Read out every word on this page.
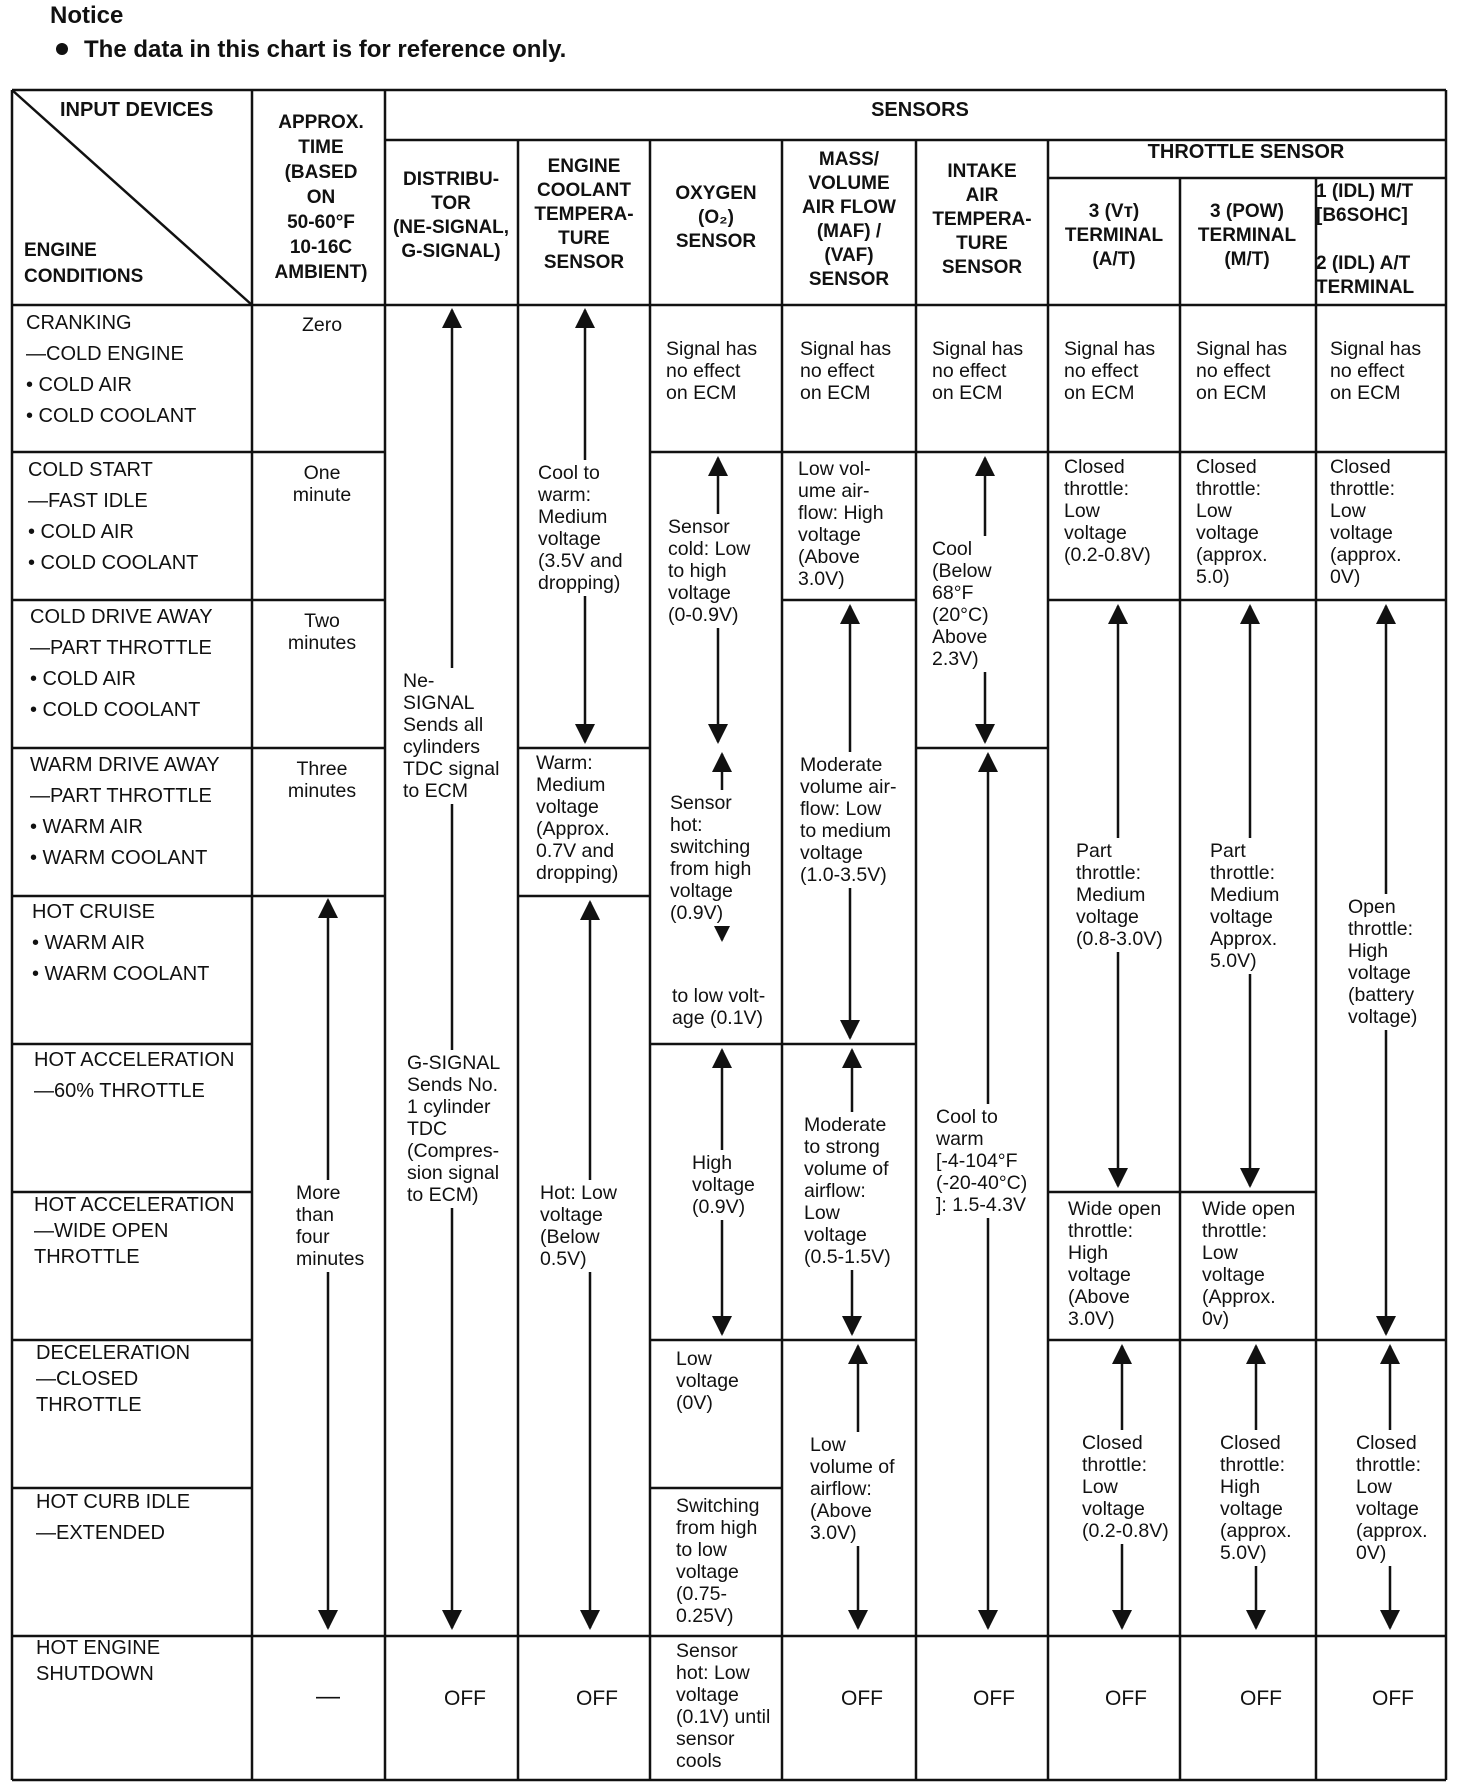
Notice
The data in this chart is for reference only.
INPUT DEVICES
ENGINE
CONDITIONS
APPROX.
TIME
(BASED
ON
50-60°F
10-16C
AMBIENT)
SENSORS
DISTRIBU-
TOR
(NE-SIGNAL,
G-SIGNAL)
ENGINE
COOLANT
TEMPERA-
TURE
SENSOR
OXYGEN
(O₂)
SENSOR
MASS/
VOLUME
AIR FLOW
(MAF) /
(VAF)
SENSOR
INTAKE
AIR
TEMPERA-
TURE
SENSOR
THROTTLE SENSOR
3 (Vт)
TERMINAL
(A/T)
3 (POW)
TERMINAL
(M/T)
1 (IDL) M/T
[B6SOHC]

2 (IDL) A/T
TERMINAL
CRANKING
—COLD ENGINE
• COLD AIR
• COLD COOLANT
COLD START
—FAST IDLE
• COLD AIR
• COLD COOLANT
COLD DRIVE AWAY
—PART THROTTLE
• COLD AIR
• COLD COOLANT
WARM DRIVE AWAY
—PART THROTTLE
• WARM AIR
• WARM COOLANT
HOT CRUISE
• WARM AIR
• WARM COOLANT
HOT ACCELERATION
—60% THROTTLE
HOT ACCELERATION
—WIDE OPEN
THROTTLE
DECELERATION
—CLOSED
THROTTLE
HOT CURB IDLE
—EXTENDED
HOT ENGINE
SHUTDOWN
Zero
One
minute
Two
minutes
Three
minutes
More
than
four
minutes
—
Ne-
SIGNAL
Sends all
cylinders
TDC signal
to ECM
G-SIGNAL
Sends No.
1 cylinder
TDC
(Compres-
sion signal
to ECM)
OFF
Cool to
warm:
Medium
voltage
(3.5V and
dropping)
Warm:
Medium
voltage
(Approx.
0.7V and
dropping)
Hot: Low
voltage
(Below
0.5V)
OFF
Signal has
no effect
on ECM
Sensor
cold: Low
to high
voltage
(0-0.9V)
Sensor
hot:
switching
from high
voltage
(0.9V)
to low volt-
age (0.1V)
High
voltage
(0.9V)
Low
voltage
(0V)
Switching
from high
to low
voltage
(0.75-
0.25V)
Sensor
hot: Low
voltage
(0.1V) until
sensor
cools
Signal has
no effect
on ECM
Low vol-
ume air-
flow: High
voltage
(Above
3.0V)
Moderate
volume air-
flow: Low
to medium
voltage
(1.0-3.5V)
Moderate
to strong
volume of
airflow:
Low
voltage
(0.5-1.5V)
Low
volume of
airflow:
(Above
3.0V)
OFF
Signal has
no effect
on ECM
Cool
(Below
68°F
(20°C)
Above
2.3V)
Cool to
warm
[-4-104°F
(-20-40°C)
]: 1.5-4.3V
OFF
Signal has
no effect
on ECM
Closed
throttle:
Low
voltage
(0.2-0.8V)
Part
throttle:
Medium
voltage
(0.8-3.0V)
Wide open
throttle:
High
voltage
(Above
3.0V)
Closed
throttle:
Low
voltage
(0.2-0.8V)
OFF
Signal has
no effect
on ECM
Closed
throttle:
Low
voltage
(approx.
5.0)
Part
throttle:
Medium
voltage
Approx.
5.0V)
Wide open
throttle:
Low
voltage
(Approx.
0v)
Closed
throttle:
High
voltage
(approx.
5.0V)
OFF
Signal has
no effect
on ECM
Closed
throttle:
Low
voltage
(approx.
0V)
Open
throttle:
High
voltage
(battery
voltage)
Closed
throttle:
Low
voltage
(approx.
0V)
OFF
